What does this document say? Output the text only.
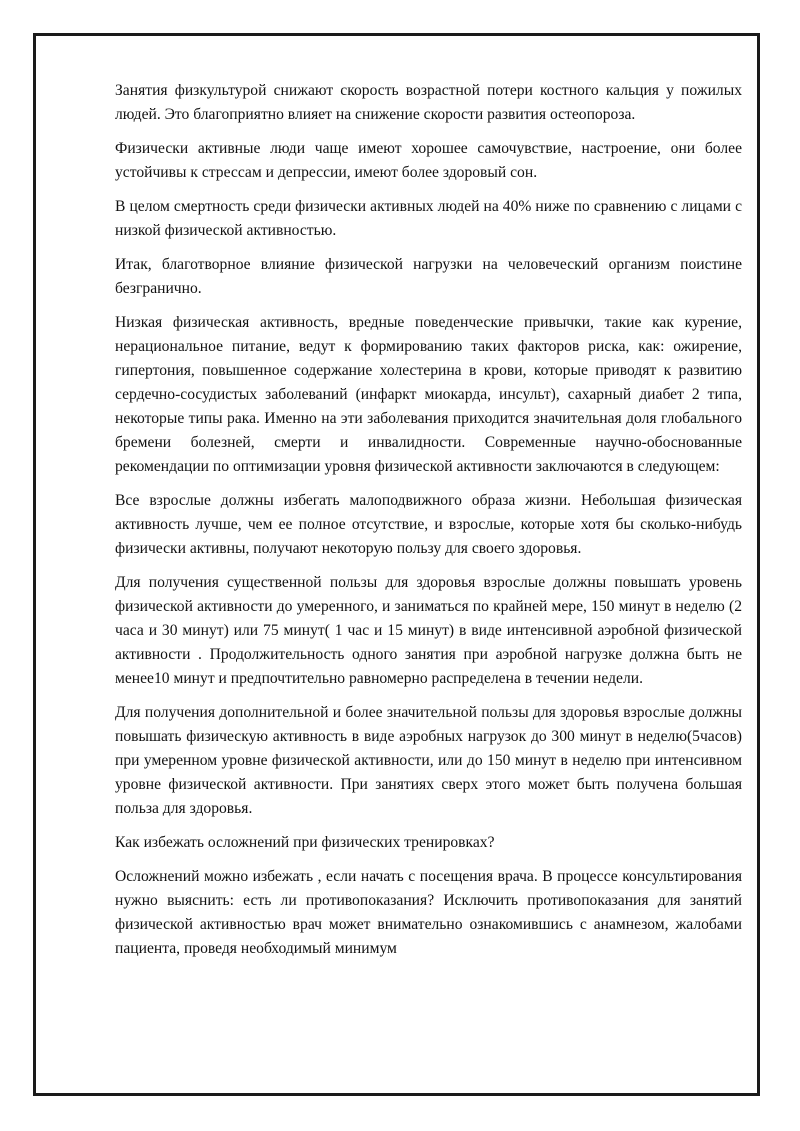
Занятия физкультурой снижают скорость возрастной потери костного кальция у пожилых людей. Это благоприятно влияет на снижение скорости развития остеопороза.

Физически активные люди чаще имеют хорошее самочувствие, настроение, они более устойчивы к стрессам и депрессии, имеют более здоровый сон.

В целом смертность среди физически активных людей на 40% ниже по сравнению с лицами с низкой физической активностью.

Итак, благотворное влияние физической нагрузки на человеческий организм поистине безгранично.

Низкая физическая активность, вредные поведенческие привычки, такие как курение, нерациональное питание, ведут к формированию таких факторов риска, как: ожирение, гипертония, повышенное содержание холестерина в крови, которые приводят к развитию сердечно-сосудистых заболеваний (инфаркт миокарда, инсульт), сахарный диабет 2 типа, некоторые типы рака. Именно на эти заболевания приходится значительная доля глобального бремени болезней, смерти и инвалидности. Современные научно-обоснованные рекомендации по оптимизации уровня физической активности заключаются в следующем:

Все взрослые должны избегать малоподвижного образа жизни. Небольшая физическая активность лучше, чем ее полное отсутствие, и взрослые, которые хотя бы сколько-нибудь физически активны, получают некоторую пользу для своего здоровья.

Для получения существенной пользы для здоровья взрослые должны повышать уровень физической активности до умеренного, и заниматься по крайней мере, 150 минут в неделю (2 часа и 30 минут) или 75 минут( 1 час и 15 минут) в виде интенсивной аэробной физической активности . Продолжительность одного занятия при аэробной нагрузке должна быть не менее10 минут и предпочтительно равномерно распределена в течении недели.

Для получения дополнительной и более значительной пользы для здоровья взрослые должны повышать физическую активность в виде аэробных нагрузок до 300 минут в неделю(5часов) при умеренном уровне физической активности, или до 150 минут в неделю при интенсивном уровне физической активности. При занятиях сверх этого может быть получена большая польза для здоровья.

Как избежать осложнений при физических тренировках?

Осложнений можно избежать , если начать с посещения врача. В процессе консультирования нужно выяснить: есть ли противопоказания? Исключить противопоказания для занятий физической активностью врач может внимательно ознакомившись с анамнезом, жалобами пациента, проведя необходимый минимум
